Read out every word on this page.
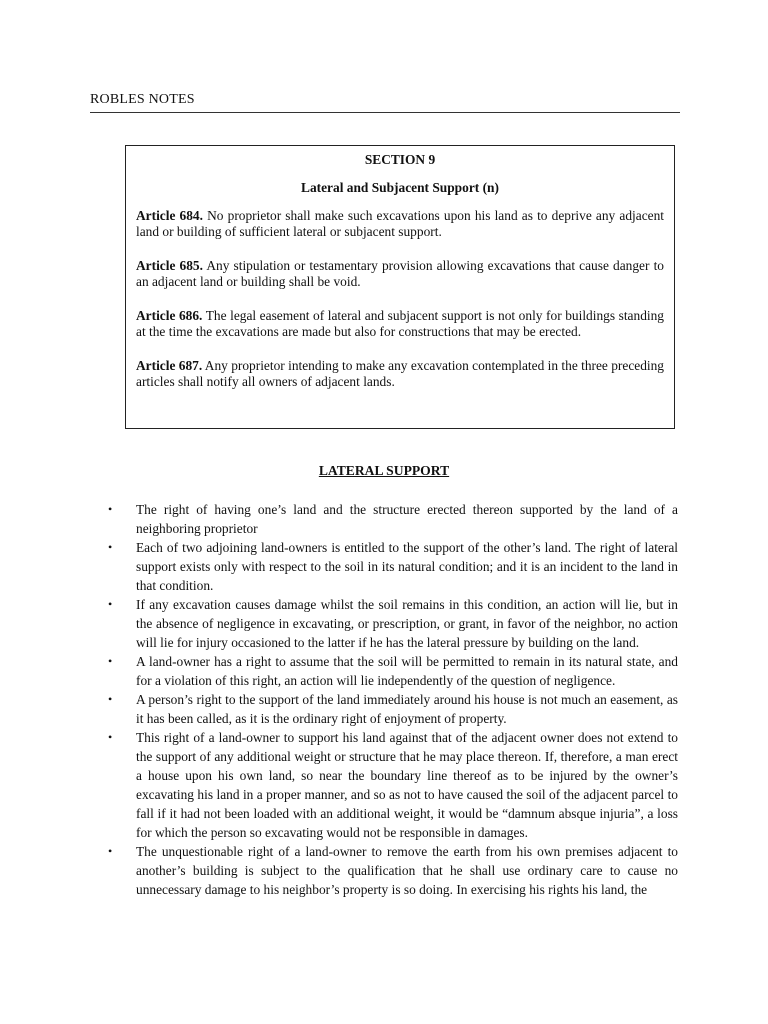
ROBLES NOTES
SECTION 9
Lateral and Subjacent Support (n)

Article 684. No proprietor shall make such excavations upon his land as to deprive any adjacent land or building of sufficient lateral or subjacent support.

Article 685. Any stipulation or testamentary provision allowing excavations that cause danger to an adjacent land or building shall be void.

Article 686. The legal easement of lateral and subjacent support is not only for buildings standing at the time the excavations are made but also for constructions that may be erected.

Article 687. Any proprietor intending to make any excavation contemplated in the three preceding articles shall notify all owners of adjacent lands.

LATERAL SUPPORT
• The right of having one’s land and the structure erected thereon supported by the land of a neighboring proprietor
• Each of two adjoining land-owners is entitled to the support of the other’s land. The right of lateral support exists only with respect to the soil in its natural condition; and it is an incident to the land in that condition.
• If any excavation causes damage whilst the soil remains in this condition, an action will lie, but in the absence of negligence in excavating, or prescription, or grant, in favor of the neighbor, no action will lie for injury occasioned to the latter if he has the lateral pressure by building on the land.
• A land-owner has a right to assume that the soil will be permitted to remain in its natural state, and for a violation of this right, an action will lie independently of the question of negligence.
• A person’s right to the support of the land immediately around his house is not much an easement, as it has been called, as it is the ordinary right of enjoyment of property.
• This right of a land-owner to support his land against that of the adjacent owner does not extend to the support of any additional weight or structure that he may place thereon. If, therefore, a man erect a house upon his own land, so near the boundary line thereof as to be injured by the owner’s excavating his land in a proper manner, and so as not to have caused the soil of the adjacent parcel to fall if it had not been loaded with an additional weight, it would be “damnum absque injuria”, a loss for which the person so excavating would not be responsible in damages.
• The unquestionable right of a land-owner to remove the earth from his own premises adjacent to another’s building is subject to the qualification that he shall use ordinary care to cause no unnecessary damage to his neighbor’s property is so doing. In exercising his rights his land, the
